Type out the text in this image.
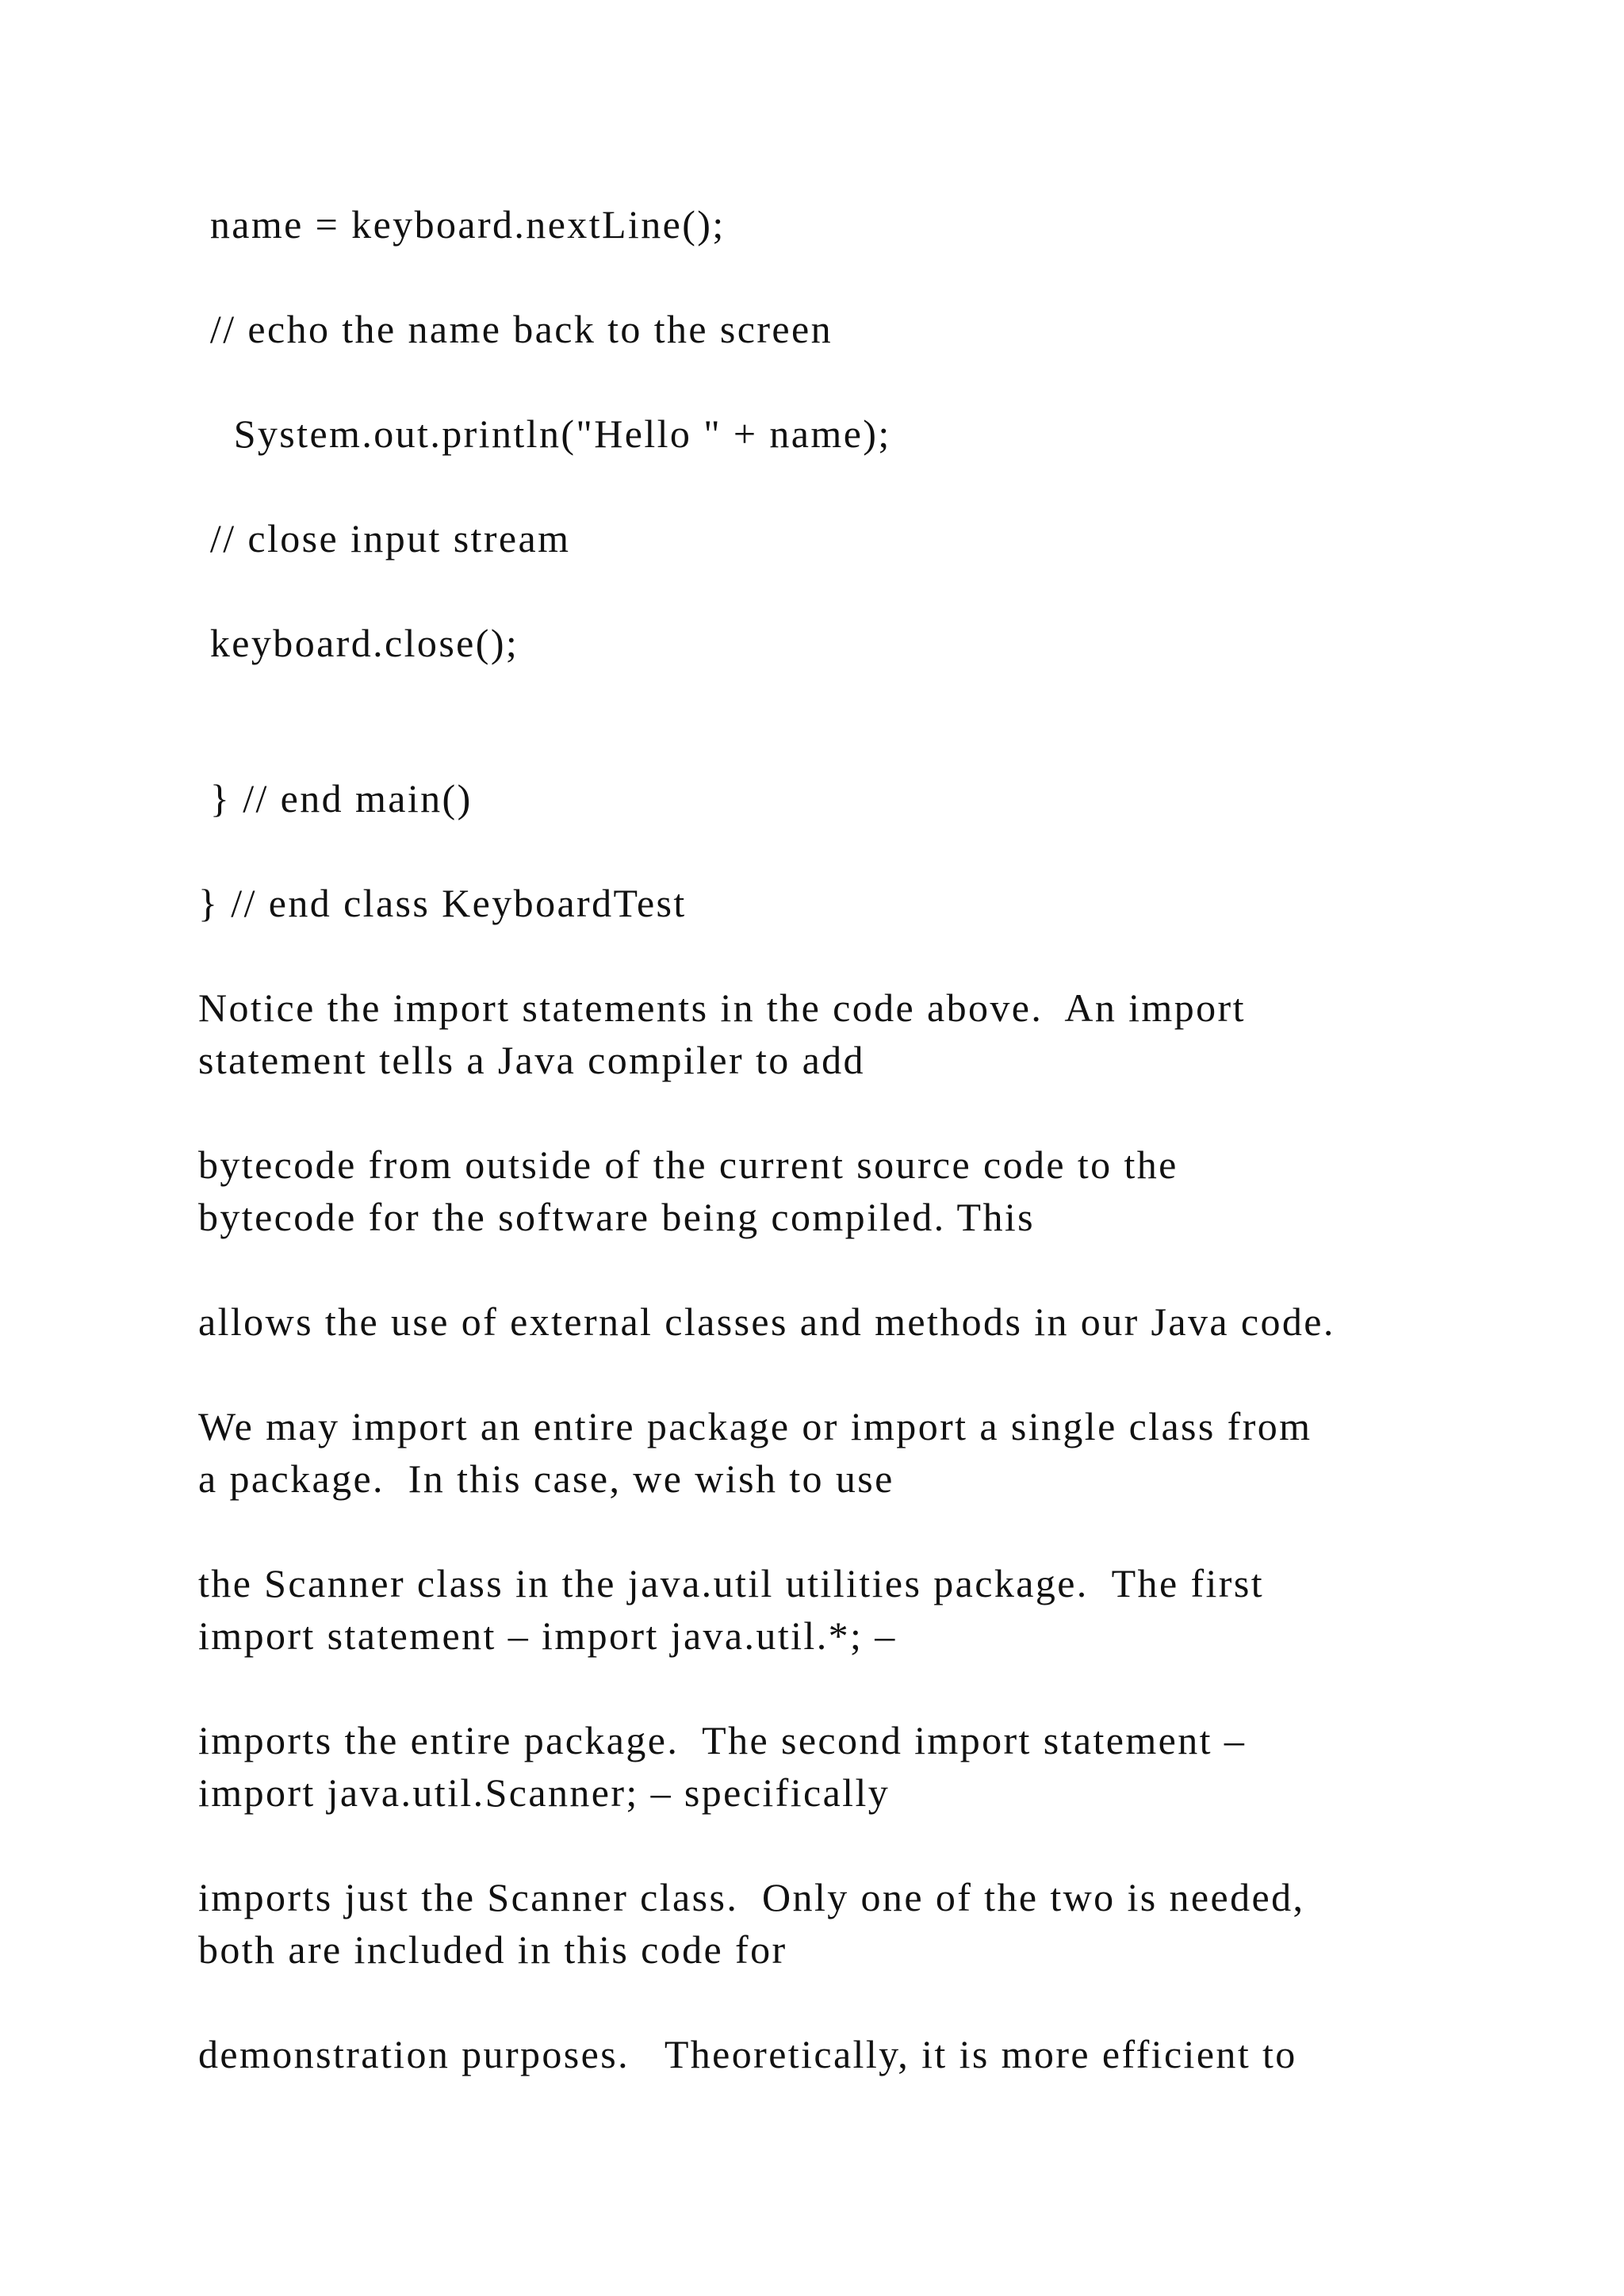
name = keyboard.nextLine();
// echo the name back to the screen
System.out.println("Hello " + name);
// close input stream
keyboard.close();
} // end main()
} // end class KeyboardTest
Notice the import statements in the code above.  An import
statement tells a Java compiler to add
bytecode from outside of the current source code to the
bytecode for the software being compiled. This
allows the use of external classes and methods in our Java code.
We may import an entire package or import a single class from
a package.  In this case, we wish to use
the Scanner class in the java.util utilities package.  The first
import statement – import java.util.*; –
imports the entire package.  The second import statement –
import java.util.Scanner; – specifically
imports just the Scanner class.  Only one of the two is needed,
both are included in this code for
demonstration purposes.   Theoretically, it is more efficient to
